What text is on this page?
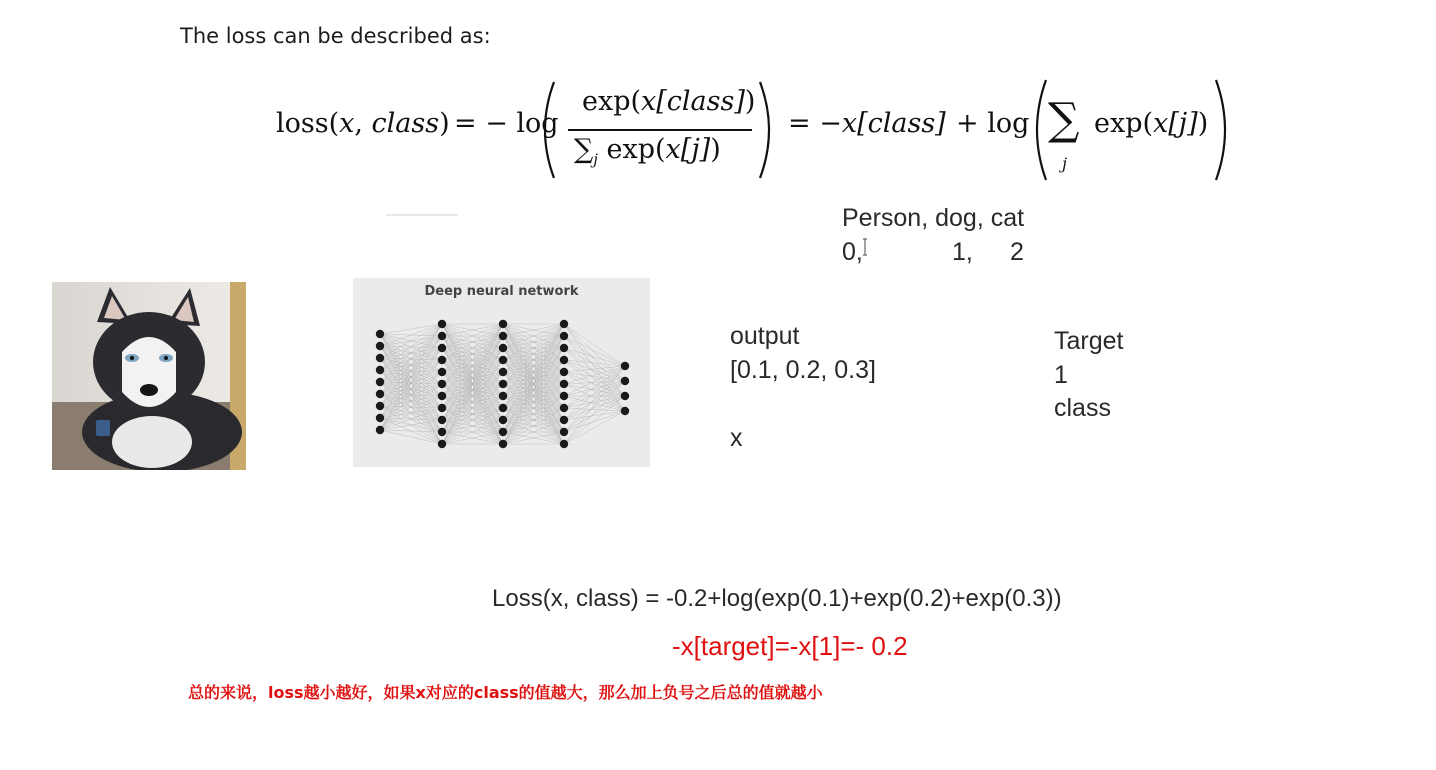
The loss can be described as:
loss(x, class) = − log
exp(x[class])
$\sum_j$ exp(x[j])
= −x[class] + log ∑
j
exp(x[j])
Person, dog, cat
0,	1, 2
Deep neural network
output
[0.1, 0.2, 0.3]
x
Target
1
class
Loss(x, class) = -0.2+log(exp(0.1)+exp(0.2)+exp(0.3))
-x[target]=-x[1]=- 0.2
总的来说，loss越小越好，如果x对应的class的值越大，那么加上负号之后总的值就越小
